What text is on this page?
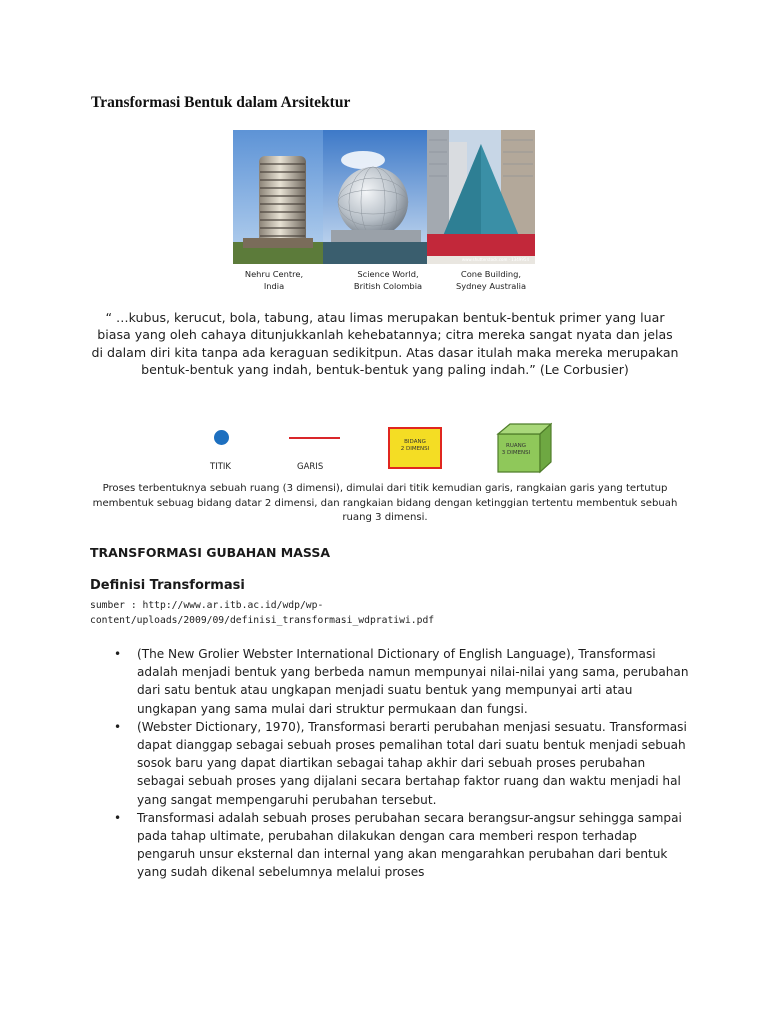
Transformasi Bentuk dalam Arsitektur
www.shutterstock.com · 1349954
Nehru Centre,
India
Science World,
British Colombia
Cone Building,
Sydney Australia

“ …kubus, kerucut, bola, tabung, atau limas merupakan bentuk-bentuk primer yang luar biasa yang oleh cahaya ditunjukkanlah kehebatannya; citra mereka sangat nyata dan jelas di dalam diri kita tanpa ada keraguan sedikitpun. Atas dasar itulah maka mereka merupakan bentuk-bentuk yang indah, bentuk-bentuk yang paling indah.” (Le Corbusier)

BIDANG
2 DIMENSI	RUANG
3 DIMENSI
TITIK	GARIS

Proses terbentuknya sebuah ruang (3 dimensi), dimulai dari titik kemudian garis, rangkaian garis yang tertutup membentuk sebuag bidang datar 2 dimensi, dan rangkaian bidang dengan ketinggian tertentu membentuk sebuah ruang 3 dimensi.

TRANSFORMASI GUBAHAN MASSA
Definisi Transformasi
sumber : http://www.ar.itb.ac.id/wdp/wp-content/uploads/2009/09/definisi_transformasi_wdpratiwi.pdf
• (The New Grolier Webster International Dictionary of English Language), Transformasi adalah menjadi bentuk yang berbeda namun mempunyai nilai-nilai yang sama, perubahan dari satu bentuk atau ungkapan menjadi suatu bentuk yang mempunyai arti atau ungkapan yang sama mulai dari struktur permukaan dan fungsi.
• (Webster Dictionary, 1970), Transformasi berarti perubahan menjasi sesuatu. Transformasi dapat dianggap sebagai sebuah proses pemalihan total dari suatu bentuk menjadi sebuah sosok baru yang dapat diartikan sebagai tahap akhir dari sebuah proses perubahan sebagai sebuah proses yang dijalani secara bertahap faktor ruang dan waktu menjadi hal yang sangat mempengaruhi perubahan tersebut.
• Transformasi adalah sebuah proses perubahan secara berangsur-angsur sehingga sampai pada tahap ultimate, perubahan dilakukan dengan cara memberi respon terhadap pengaruh unsur eksternal dan internal yang akan mengarahkan perubahan dari bentuk yang sudah dikenal sebelumnya melalui proses
